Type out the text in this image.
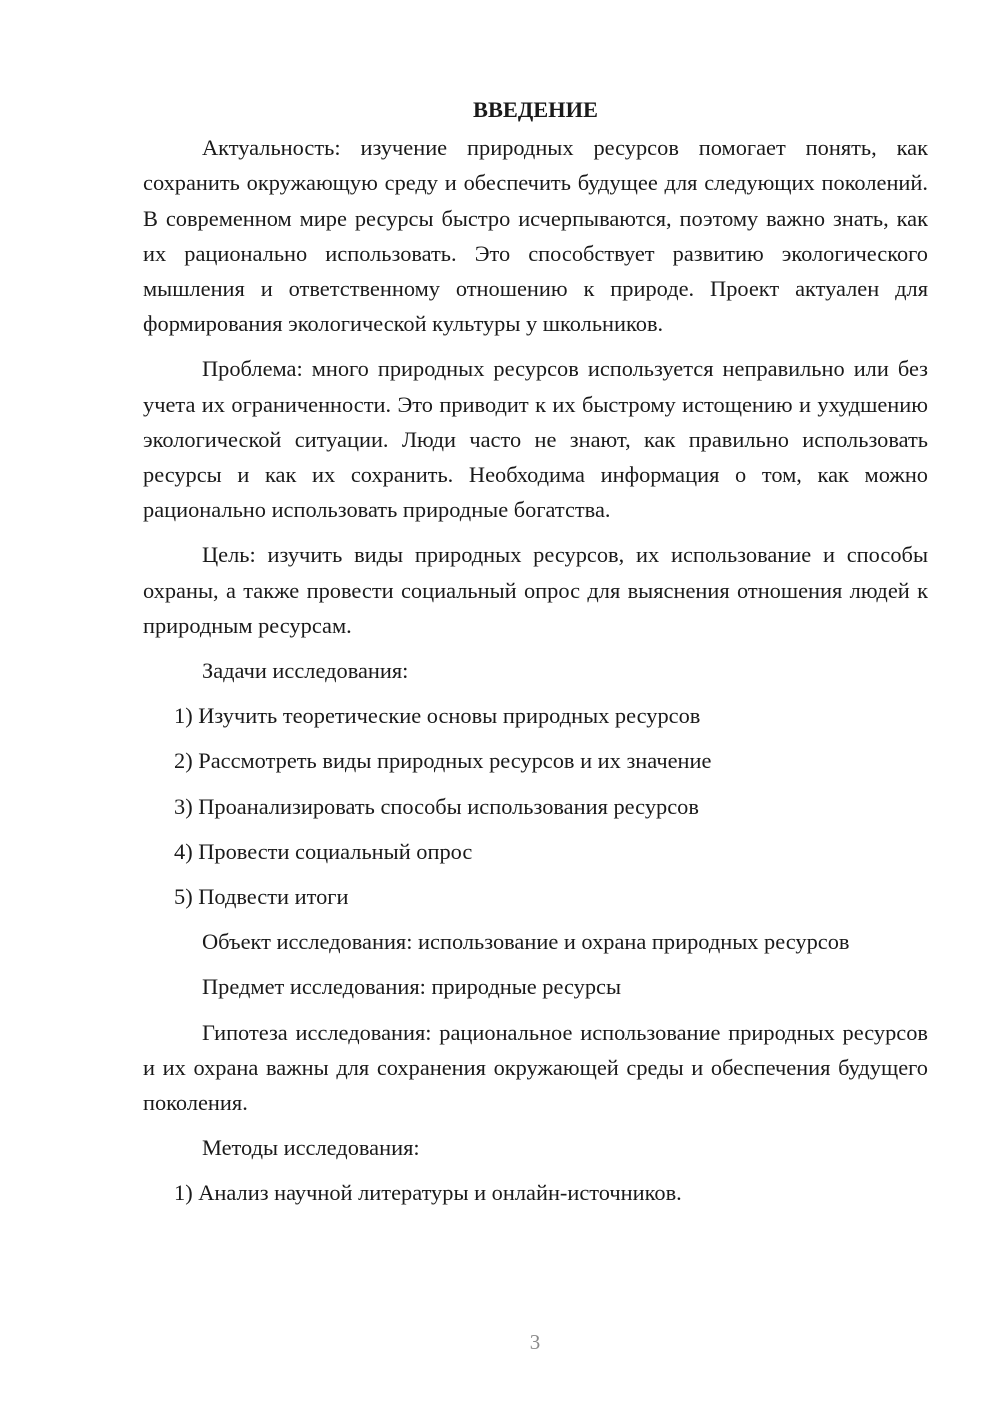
ВВЕДЕНИЕ

Актуальность: изучение природных ресурсов помогает понять, как сохранить окружающую среду и обеспечить будущее для следующих поколений. В современном мире ресурсы быстро исчерпываются, поэтому важно знать, как их рационально использовать. Это способствует развитию экологического мышления и ответственному отношению к природе. Проект актуален для формирования экологической культуры у школьников.

Проблема: много природных ресурсов используется неправильно или без учета их ограниченности. Это приводит к их быстрому истощению и ухудшению экологической ситуации. Люди часто не знают, как правильно использовать ресурсы и как их сохранить. Необходима информация о том, как можно рационально использовать природные богатства.

Цель: изучить виды природных ресурсов, их использование и способы охраны, а также провести социальный опрос для выяснения отношения людей к природным ресурсам.

Задачи исследования:

1) Изучить теоретические основы природных ресурсов

2) Рассмотреть виды природных ресурсов и их значение

3) Проанализировать способы использования ресурсов

4) Провести социальный опрос

5) Подвести итоги

Объект исследования: использование и охрана природных ресурсов

Предмет исследования: природные ресурсы

Гипотеза исследования: рациональное использование природных ресурсов и их охрана важны для сохранения окружающей среды и обеспечения будущего поколения.

Методы исследования:

1) Анализ научной литературы и онлайн-источников.

3
